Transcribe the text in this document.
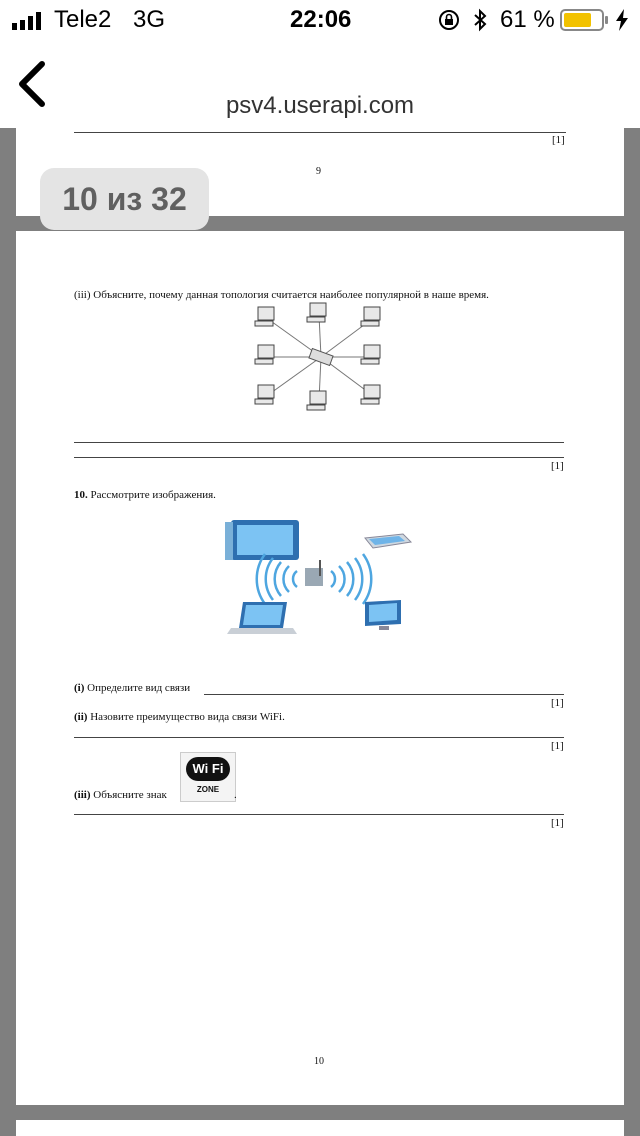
Tele2 3G	22:06	61 %
psv4.userapi.com
[1]
9
10 из 32
(iii) Объясните, почему данная топология считается наиболее популярной в наше время.
[1]
10. Рассмотрите изображения.
(i) Определите вид связи
[1]
(ii) Назовите преимущество вида связи WiFi.
[1]
Wi Fi
ZONE
(iii) Объясните знак	.
[1]
10
